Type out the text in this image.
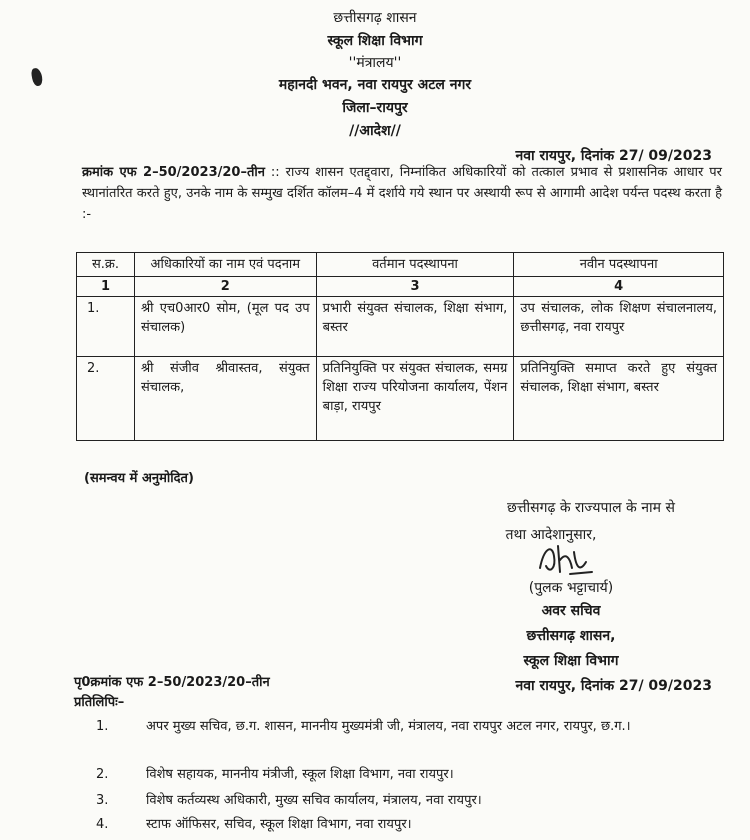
छत्तीसगढ़ शासन
स्कूल शिक्षा विभाग
''मंत्रालय''
महानदी भवन, नवा रायपुर अटल नगर
जिला–रायपुर
//आदेश//
नवा रायपुर, दिनांक 27/ 09/2023
क्रमांक एफ 2–50/2023/20–तीन :: राज्य शासन एतद्द्वारा, निम्नांकित अधिकारियों को तत्काल प्रभाव से प्रशासनिक आधार पर स्थानांतरित करते हुए, उनके नाम के सम्मुख दर्शित कॉलम–4 में दर्शाये गये स्थान पर अस्थायी रूप से आगामी आदेश पर्यन्त पदस्थ करता है :-
स.क्र.	अधिकारियों का नाम एवं पदनाम	वर्तमान पदस्थापना	नवीन पदस्थापना
1	2	3	4
1.	श्री एच0आर0 सोम, (मूल पद उप संचालक)	प्रभारी संयुक्त संचालक, शिक्षा संभाग, बस्तर	उप संचालक, लोक शिक्षण संचालनालय, छत्तीसगढ़, नवा रायपुर
2.	श्री संजीव श्रीवास्तव, संयुक्त संचालक,	प्रतिनियुक्ति पर संयुक्त संचालक, समग्र शिक्षा राज्य परियोजना कार्यालय, पेंशन बाड़ा, रायपुर	प्रतिनियुक्ति समाप्त करते हुए संयुक्त संचालक, शिक्षा संभाग, बस्तर
(समन्वय में अनुमोदित)
छत्तीसगढ़ के राज्यपाल के नाम से
तथा आदेशानुसार,
(पुलक भट्टाचार्य)
अवर सचिव
छत्तीसगढ़ शासन,
स्कूल शिक्षा विभाग
पृ0क्रमांक एफ 2–50/2023/20–तीन	नवा रायपुर, दिनांक 27/ 09/2023
प्रतिलिपिः–
1.	अपर मुख्य सचिव, छ.ग. शासन, माननीय मुख्यमंत्री जी, मंत्रालय, नवा रायपुर अटल नगर, रायपुर, छ.ग.।
2.	विशेष सहायक, माननीय मंत्रीजी, स्कूल शिक्षा विभाग, नवा रायपुर।
3.	विशेष कर्तव्यस्थ अधिकारी, मुख्य सचिव कार्यालय, मंत्रालय, नवा रायपुर।
4.	स्टाफ ऑफिसर, सचिव, स्कूल शिक्षा विभाग, नवा रायपुर।
